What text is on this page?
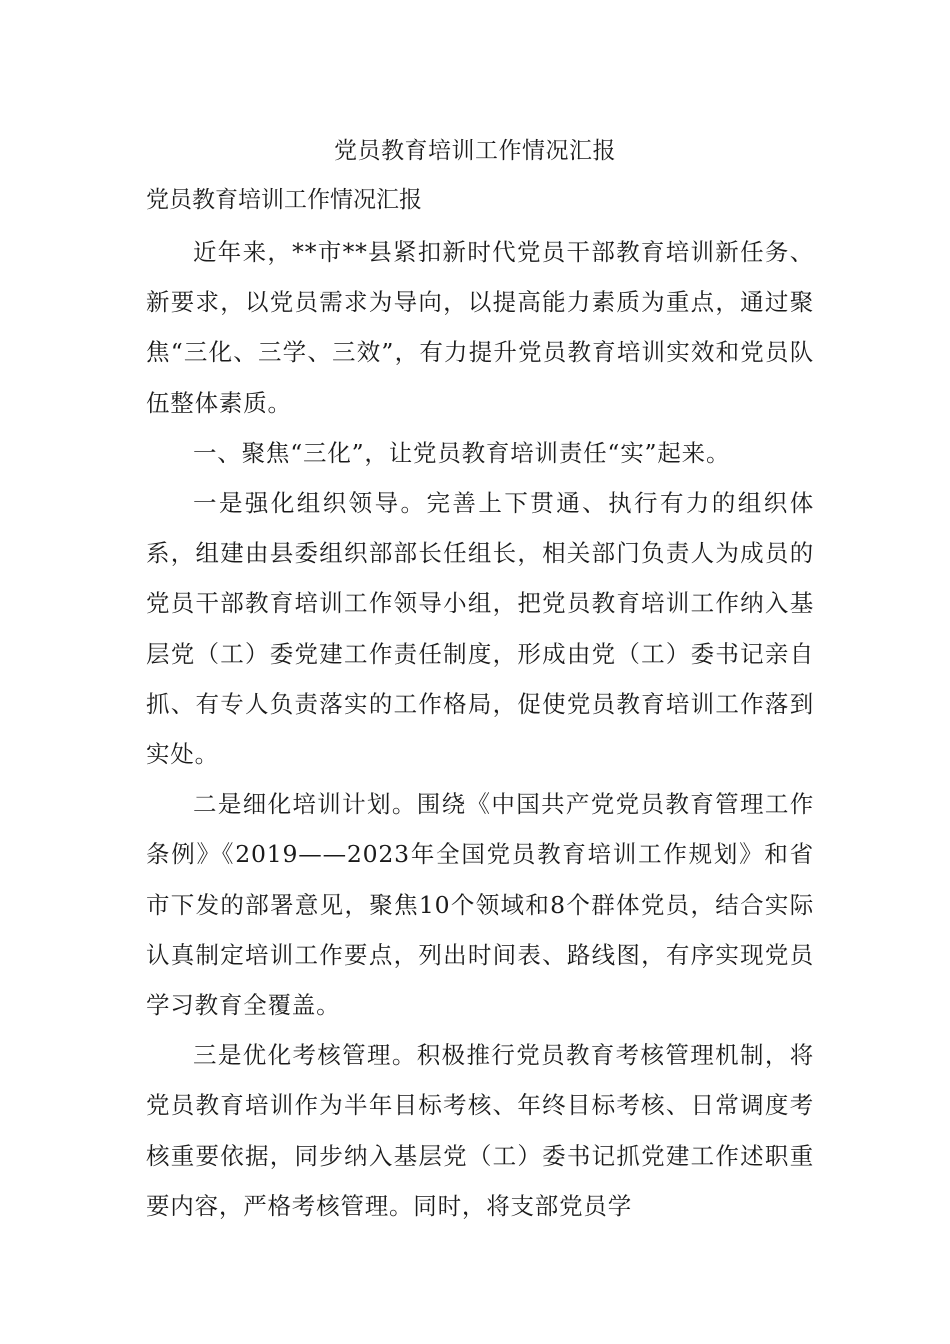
党员教育培训工作情况汇报

党员教育培训工作情况汇报

近年来，**市**县紧扣新时代党员干部教育培训新任务、新要求，以党员需求为导向，以提高能力素质为重点，通过聚焦“三化、三学、三效”，有力提升党员教育培训实效和党员队伍整体素质。

一、聚焦“三化”，让党员教育培训责任“实”起来。

一是强化组织领导。完善上下贯通、执行有力的组织体系，组建由县委组织部部长任组长，相关部门负责人为成员的党员干部教育培训工作领导小组，把党员教育培训工作纳入基层党（工）委党建工作责任制度，形成由党（工）委书记亲自抓、有专人负责落实的工作格局，促使党员教育培训工作落到实处。

二是细化培训计划。围绕《中国共产党党员教育管理工作条例》《2019——2023年全国党员教育培训工作规划》和省市下发的部署意见，聚焦10个领域和8个群体党员，结合实际认真制定培训工作要点，列出时间表、路线图，有序实现党员学习教育全覆盖。

三是优化考核管理。积极推行党员教育考核管理机制，将党员教育培训作为半年目标考核、年终目标考核、日常调度考核重要依据，同步纳入基层党（工）委书记抓党建工作述职重要内容，严格考核管理。同时，将支部党员学
